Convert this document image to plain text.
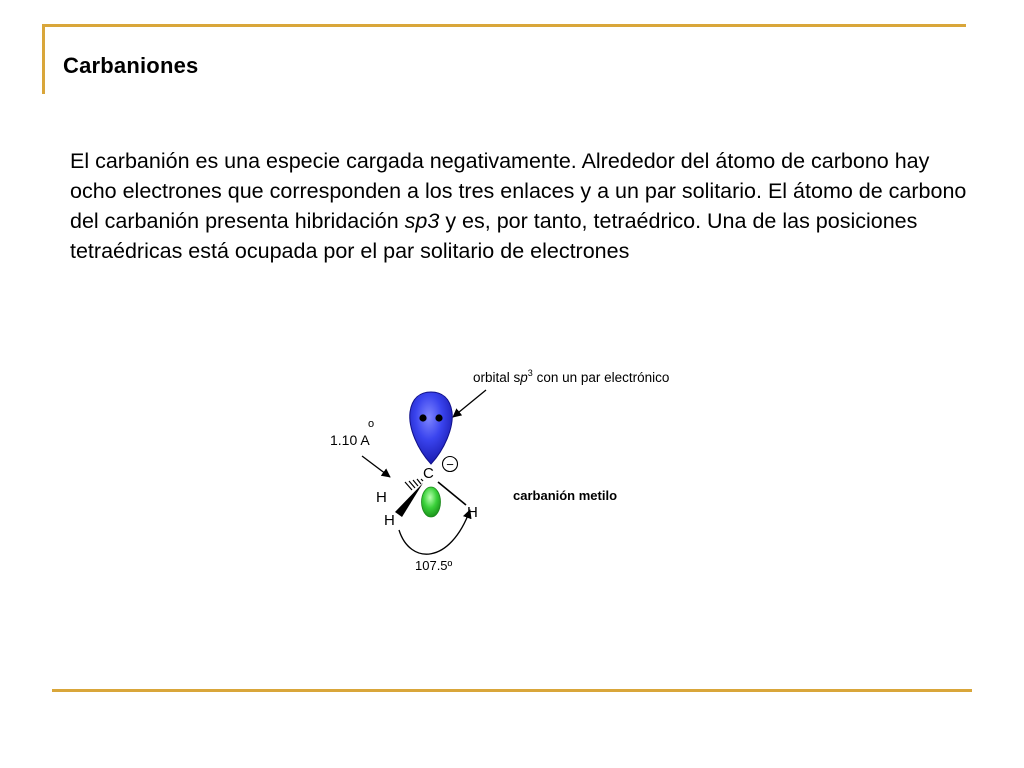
Carbaniones
El carbanión es una especie cargada negativamente. Alrededor del átomo de carbono hay ocho electrones que corresponden a los tres enlaces y a un par solitario. El átomo de carbono del carbanión presenta hibridación sp3 y es, por tanto, tetraédrico. Una de las posiciones tetraédricas está ocupada por el par solitario de electrones
orbital $sp^3$ con un par electrónico
o
1.10 A
C
−
H
H	H
107.5º
carbanión metilo
